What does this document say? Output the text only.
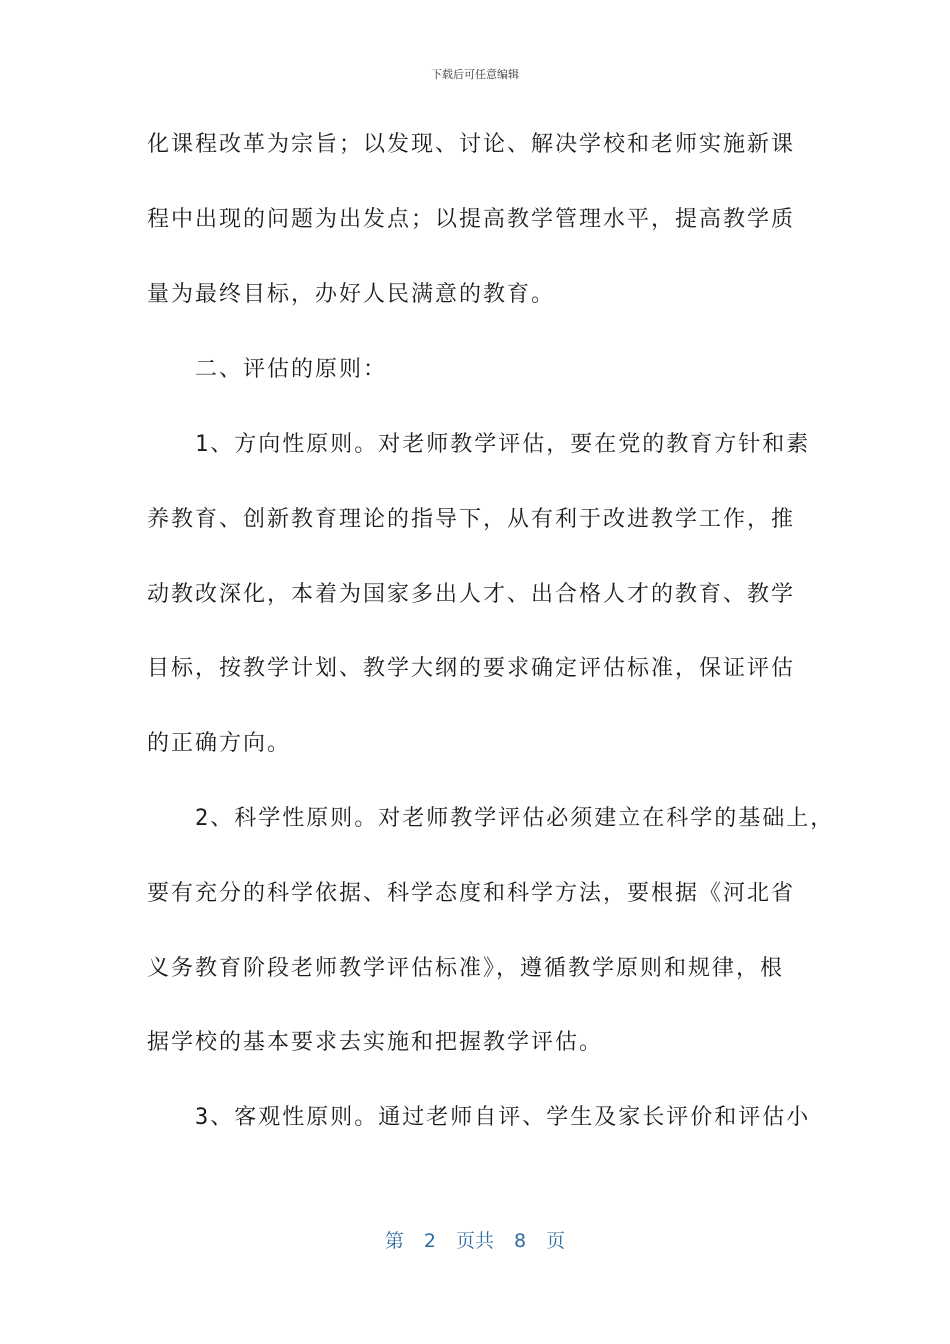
下载后可任意编辑
化课程改革为宗旨；以发现、讨论、解决学校和老师实施新课
程中出现的问题为出发点；以提高教学管理水平，提高教学质
量为最终目标，办好人民满意的教育。
　　二、评估的原则：
　　1、方向性原则。对老师教学评估，要在党的教育方针和素
养教育、创新教育理论的指导下，从有利于改进教学工作，推
动教改深化，本着为国家多出人才、出合格人才的教育、教学
目标，按教学计划、教学大纲的要求确定评估标准，保证评估
的正确方向。
　　2、科学性原则。对老师教学评估必须建立在科学的基础上，
要有充分的科学依据、科学态度和科学方法，要根据《河北省
义务教育阶段老师教学评估标准》，遵循教学原则和规律，根
据学校的基本要求去实施和把握教学评估。
　　3、客观性原则。通过老师自评、学生及家长评价和评估小
第 2 页共 8 页
